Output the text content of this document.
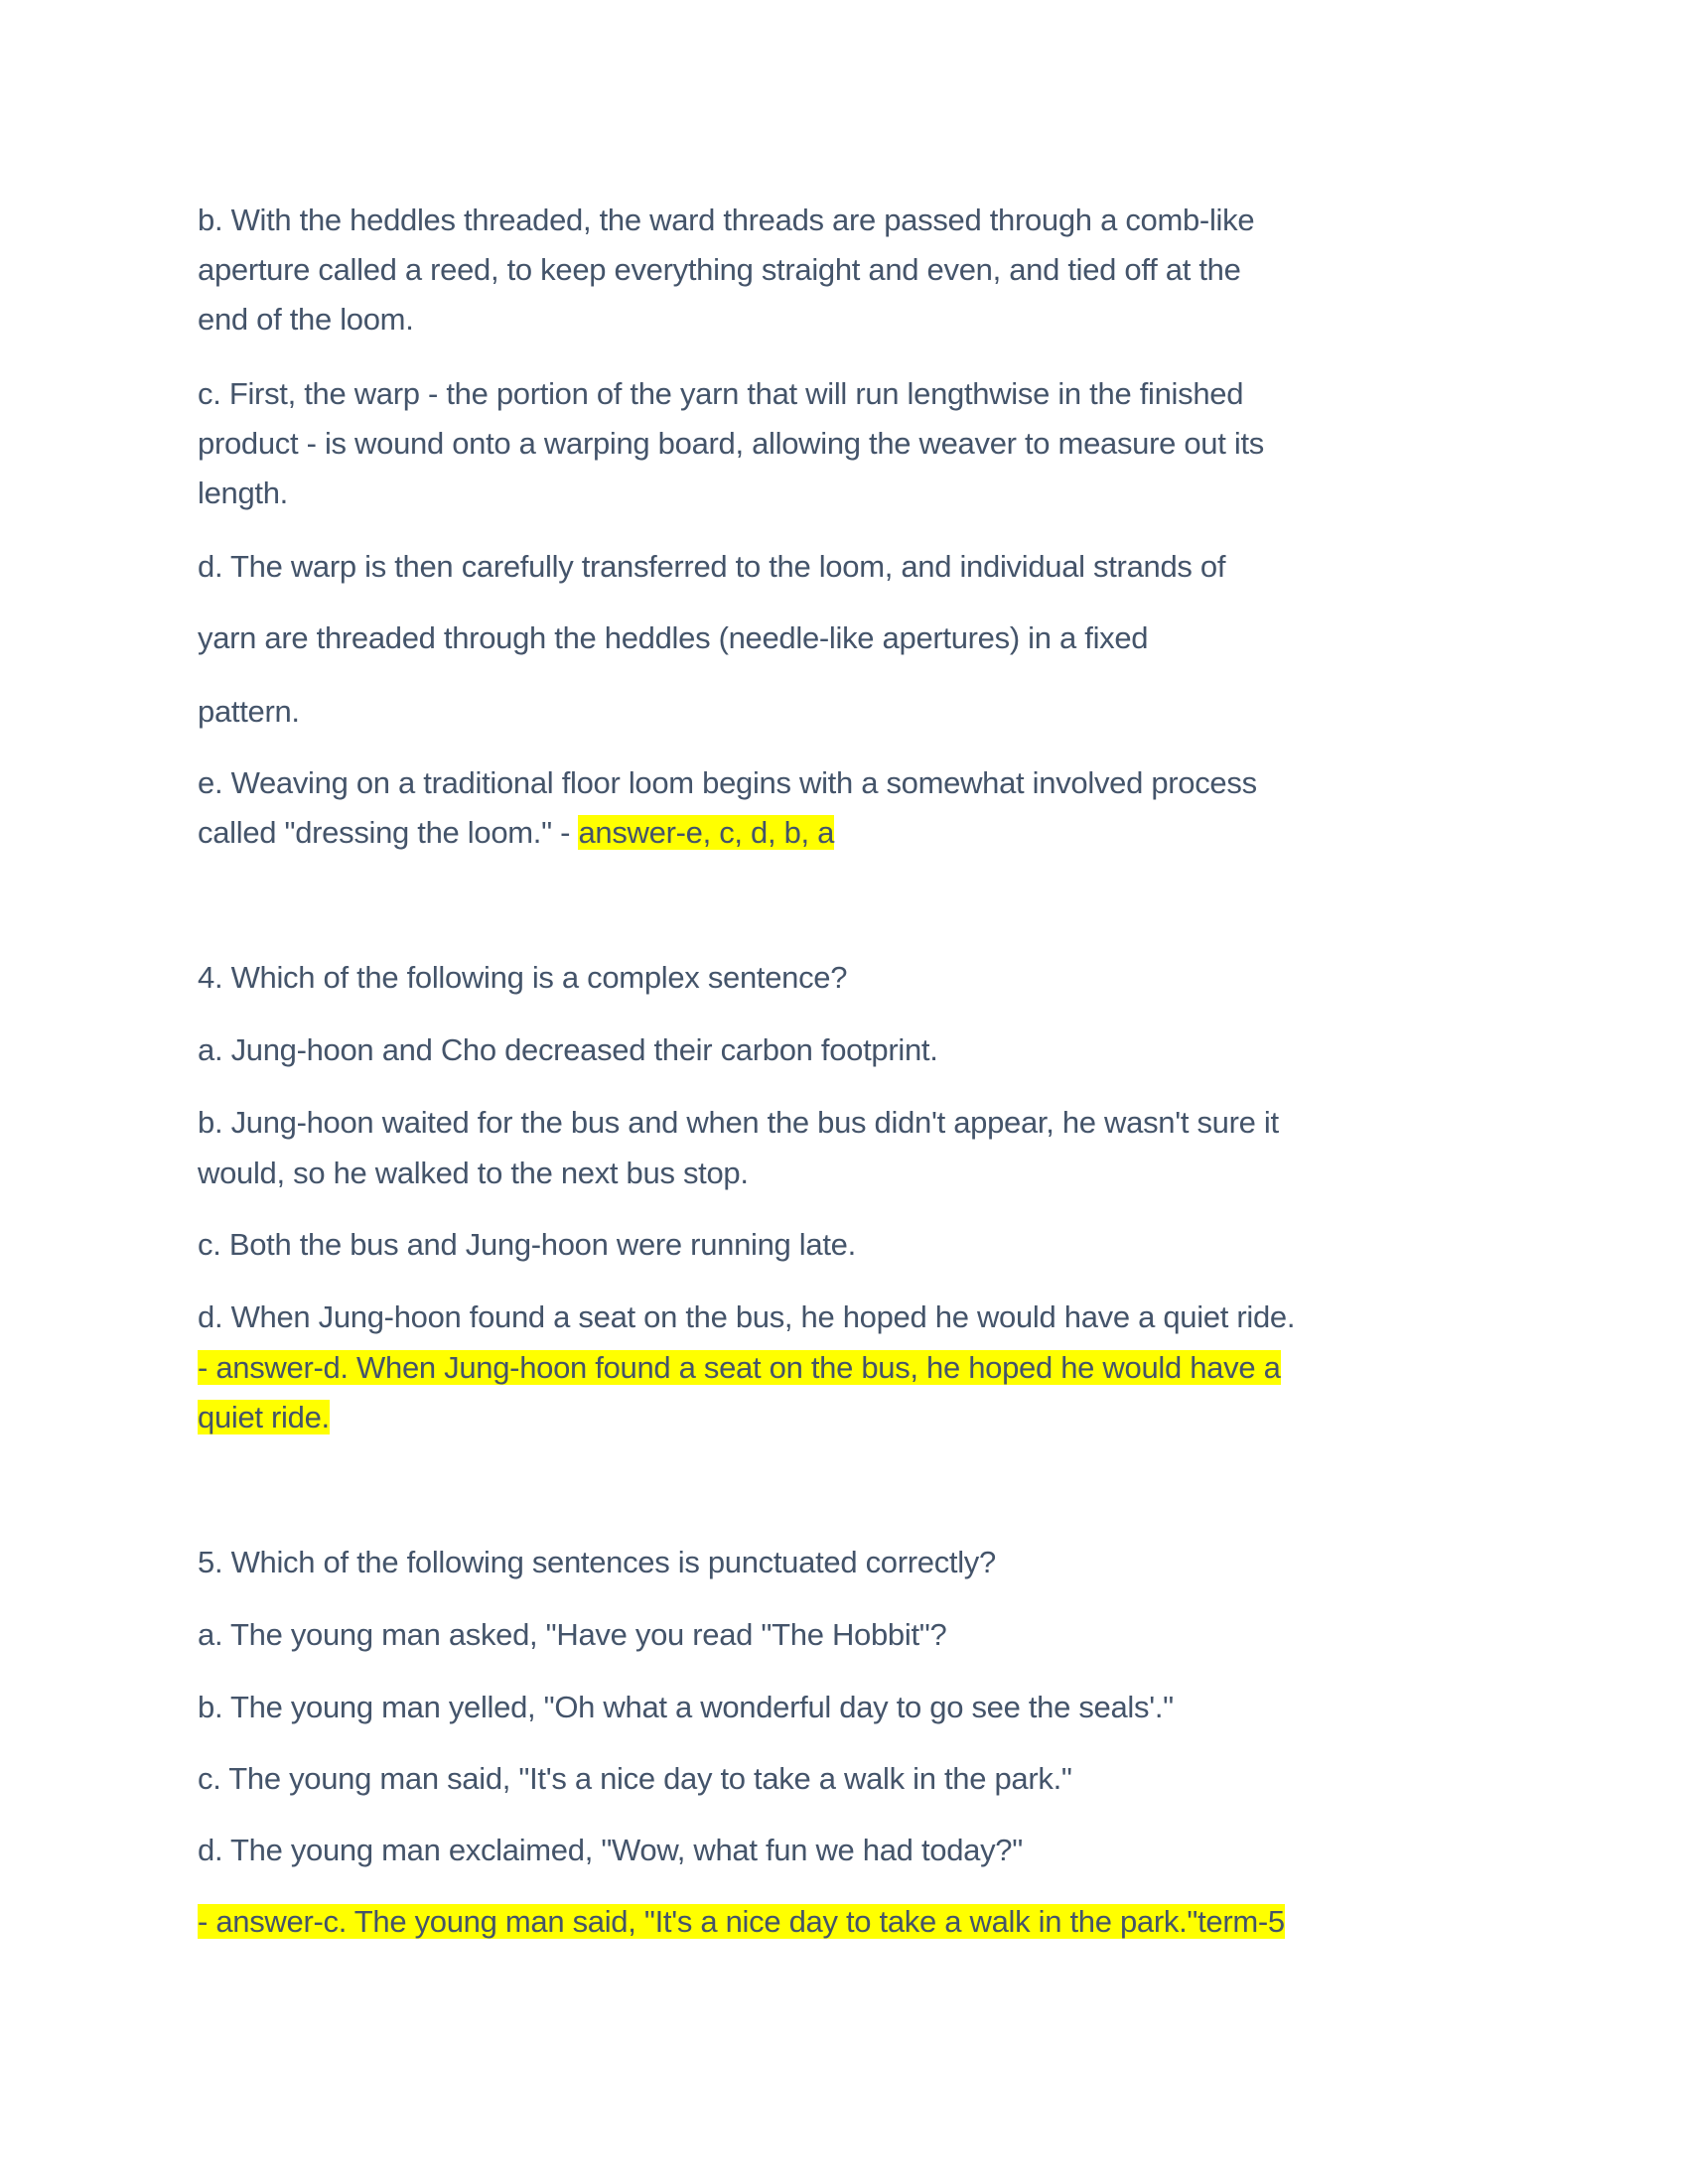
b. With the heddles threaded, the ward threads are passed through a comb-like
aperture called a reed, to keep everything straight and even, and tied off at the
end of the loom.
c. First, the warp - the portion of the yarn that will run lengthwise in the finished
product - is wound onto a warping board, allowing the weaver to measure out its
length.
d. The warp is then carefully transferred to the loom, and individual strands of
yarn are threaded through the heddles (needle-like apertures) in a fixed
pattern.
e. Weaving on a traditional floor loom begins with a somewhat involved process
called "dressing the loom." - answer-e, c, d, b, a
4. Which of the following is a complex sentence?
a. Jung-hoon and Cho decreased their carbon footprint.
b. Jung-hoon waited for the bus and when the bus didn't appear, he wasn't sure it
would, so he walked to the next bus stop.
c. Both the bus and Jung-hoon were running late.
d. When Jung-hoon found a seat on the bus, he hoped he would have a quiet ride.
- answer-d. When Jung-hoon found a seat on the bus, he hoped he would have a
quiet ride.
5. Which of the following sentences is punctuated correctly?
a. The young man asked, "Have you read "The Hobbit"?
b. The young man yelled, "Oh what a wonderful day to go see the seals'."
c. The young man said, "It's a nice day to take a walk in the park."
d. The young man exclaimed, "Wow, what fun we had today?"
- answer-c. The young man said, "It's a nice day to take a walk in the park."term-5
